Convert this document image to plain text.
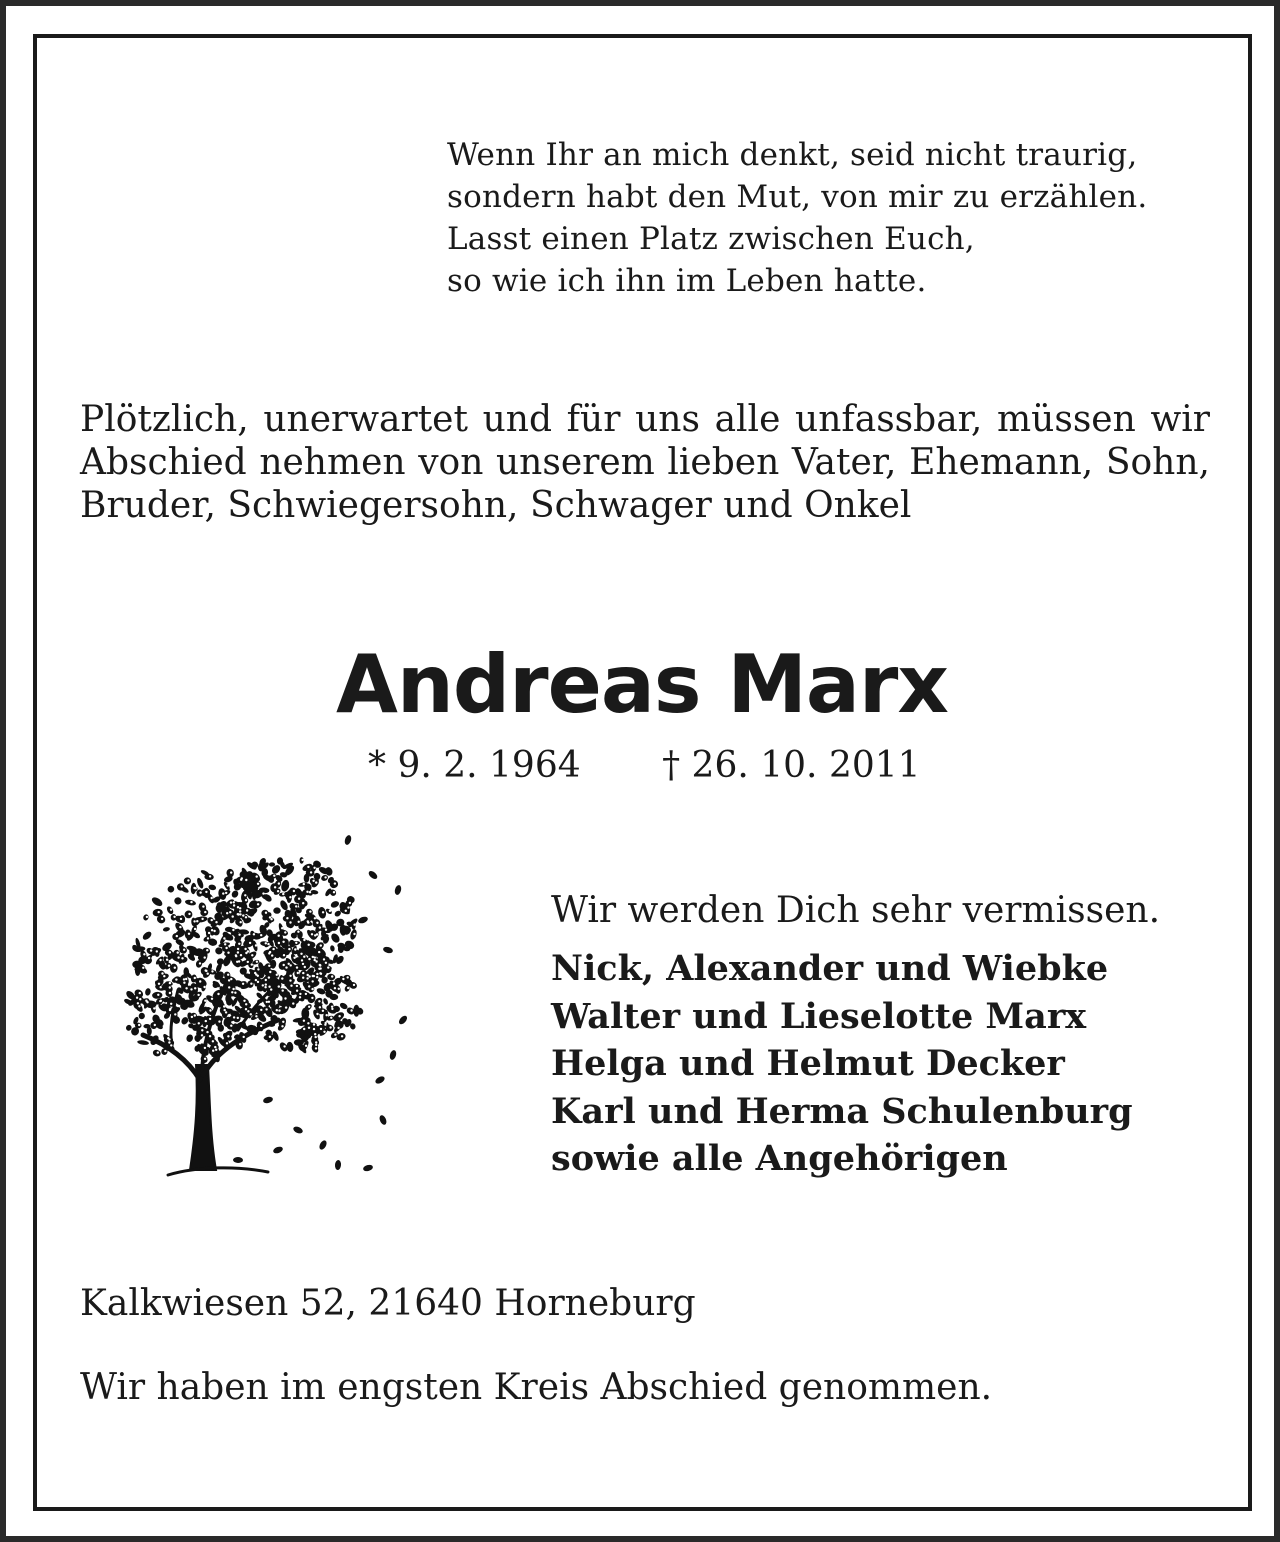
Wenn Ihr an mich denkt, seid nicht traurig,
sondern habt den Mut, von mir zu erzählen.
Lasst einen Platz zwischen Euch,
so wie ich ihn im Leben hatte.
Plötzlich, unerwartet und für uns alle unfassbar, müssen wir Abschied nehmen von unserem lieben Vater, Ehemann, Sohn, Bruder, Schwiegersohn, Schwager und Onkel
Andreas Marx
* 9. 2. 1964 † 26. 10. 2011
Wir werden Dich sehr vermissen.
Nick, Alexander und Wiebke
Walter und Lieselotte Marx
Helga und Helmut Decker
Karl und Herma Schulenburg
sowie alle Angehörigen
Kalkwiesen 52, 21640 Horneburg
Wir haben im engsten Kreis Abschied genommen.
